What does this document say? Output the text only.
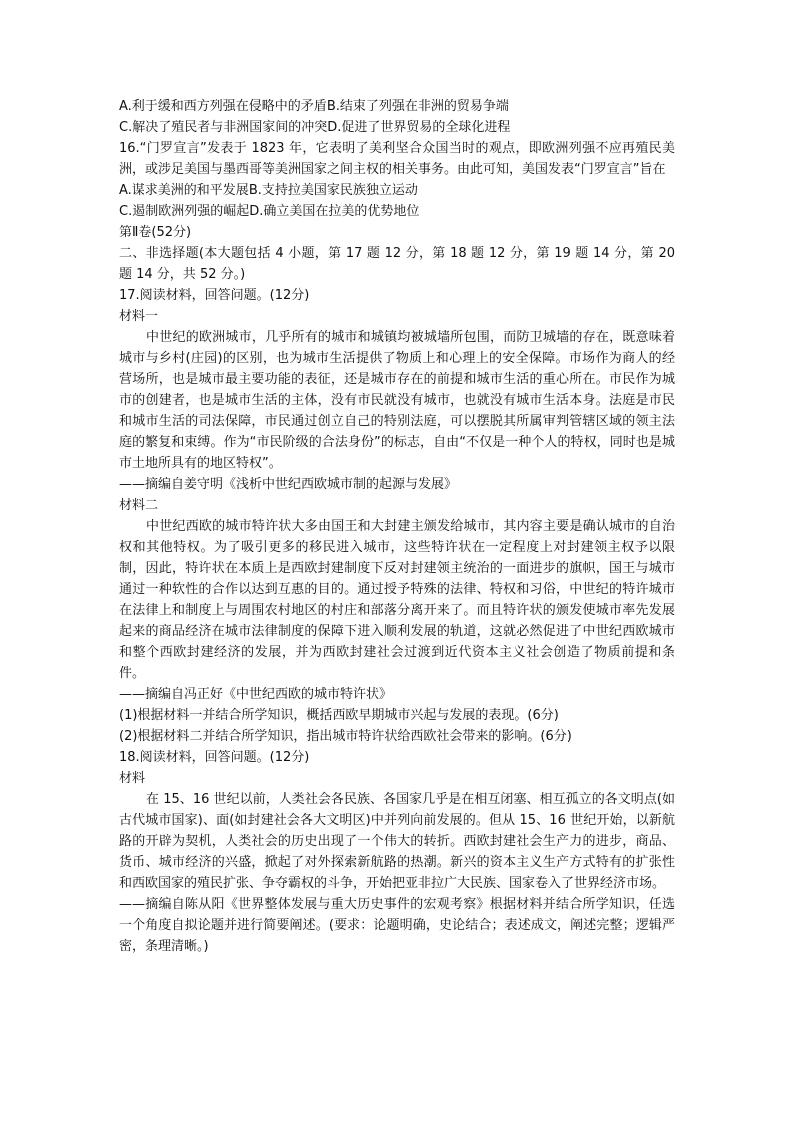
A.利于缓和西方列强在侵略中的矛盾B.结束了列强在非洲的贸易争端

C.解决了殖民者与非洲国家间的冲突D.促进了世界贸易的全球化进程

16.“门罗宣言”发表于 1823 年，它表明了美利坚合众国当时的观点，即欧洲列强不应再殖民美洲，或涉足美国与墨西哥等美洲国家之间主权的相关事务。由此可知，美国发表“门罗宣言”旨在

A.谋求美洲的和平发展B.支持拉美国家民族独立运动

C.遏制欧洲列强的崛起D.确立美国在拉美的优势地位

第Ⅱ卷(52分)

二、非选择题(本大题包括 4 小题，第 17 题 12 分，第 18 题 12 分，第 19 题 14 分，第 20 题 14 分，共 52 分。)

17.阅读材料，回答问题。(12分)

材料一

中世纪的欧洲城市，几乎所有的城市和城镇均被城墙所包围，而防卫城墙的存在，既意味着城市与乡村(庄园)的区别，也为城市生活提供了物质上和心理上的安全保障。市场作为商人的经营场所，也是城市最主要功能的表征，还是城市存在的前提和城市生活的重心所在。市民作为城市的创建者，也是城市生活的主体，没有市民就没有城市，也就没有城市生活本身。法庭是市民和城市生活的司法保障，市民通过创立自己的特别法庭，可以摆脱其所属审判管辖区域的领主法庭的繁复和束缚。作为“市民阶级的合法身份”的标志，自由“不仅是一种个人的特权，同时也是城市土地所具有的地区特权”。

——摘编自姜守明《浅析中世纪西欧城市制的起源与发展》

材料二

中世纪西欧的城市特许状大多由国王和大封建主颁发给城市，其内容主要是确认城市的自治权和其他特权。为了吸引更多的移民进入城市，这些特许状在一定程度上对封建领主权予以限制，因此，特许状在本质上是西欧封建制度下反对封建领主统治的一面进步的旗帜，国王与城市通过一种软性的合作以达到互惠的目的。通过授予特殊的法律、特权和习俗，中世纪的特许城市在法律上和制度上与周围农村地区的村庄和部落分离开来了。而且特许状的颁发使城市率先发展起来的商品经济在城市法律制度的保障下进入顺利发展的轨道，这就必然促进了中世纪西欧城市和整个西欧封建经济的发展，并为西欧封建社会过渡到近代资本主义社会创造了物质前提和条件。

——摘编自冯正好《中世纪西欧的城市特许状》

(1)根据材料一并结合所学知识，概括西欧早期城市兴起与发展的表现。(6分)

(2)根据材料二并结合所学知识，指出城市特许状给西欧社会带来的影响。(6分)

18.阅读材料，回答问题。(12分)

材料

在 15、16 世纪以前，人类社会各民族、各国家几乎是在相互闭塞、相互孤立的各文明点(如古代城市国家)、面(如封建社会各大文明区)中并列向前发展的。但从 15、16 世纪开始，以新航路的开辟为契机，人类社会的历史出现了一个伟大的转折。西欧封建社会生产力的进步，商品、货币、城市经济的兴盛，掀起了对外探索新航路的热潮。新兴的资本主义生产方式特有的扩张性和西欧国家的殖民扩张、争夺霸权的斗争，开始把亚非拉广大民族、国家卷入了世界经济市场。

——摘编自陈从阳《世界整体发展与重大历史事件的宏观考察》根据材料并结合所学知识，任选一个角度自拟论题并进行简要阐述。(要求：论题明确，史论结合；表述成文，阐述完整；逻辑严密，条理清晰。)
